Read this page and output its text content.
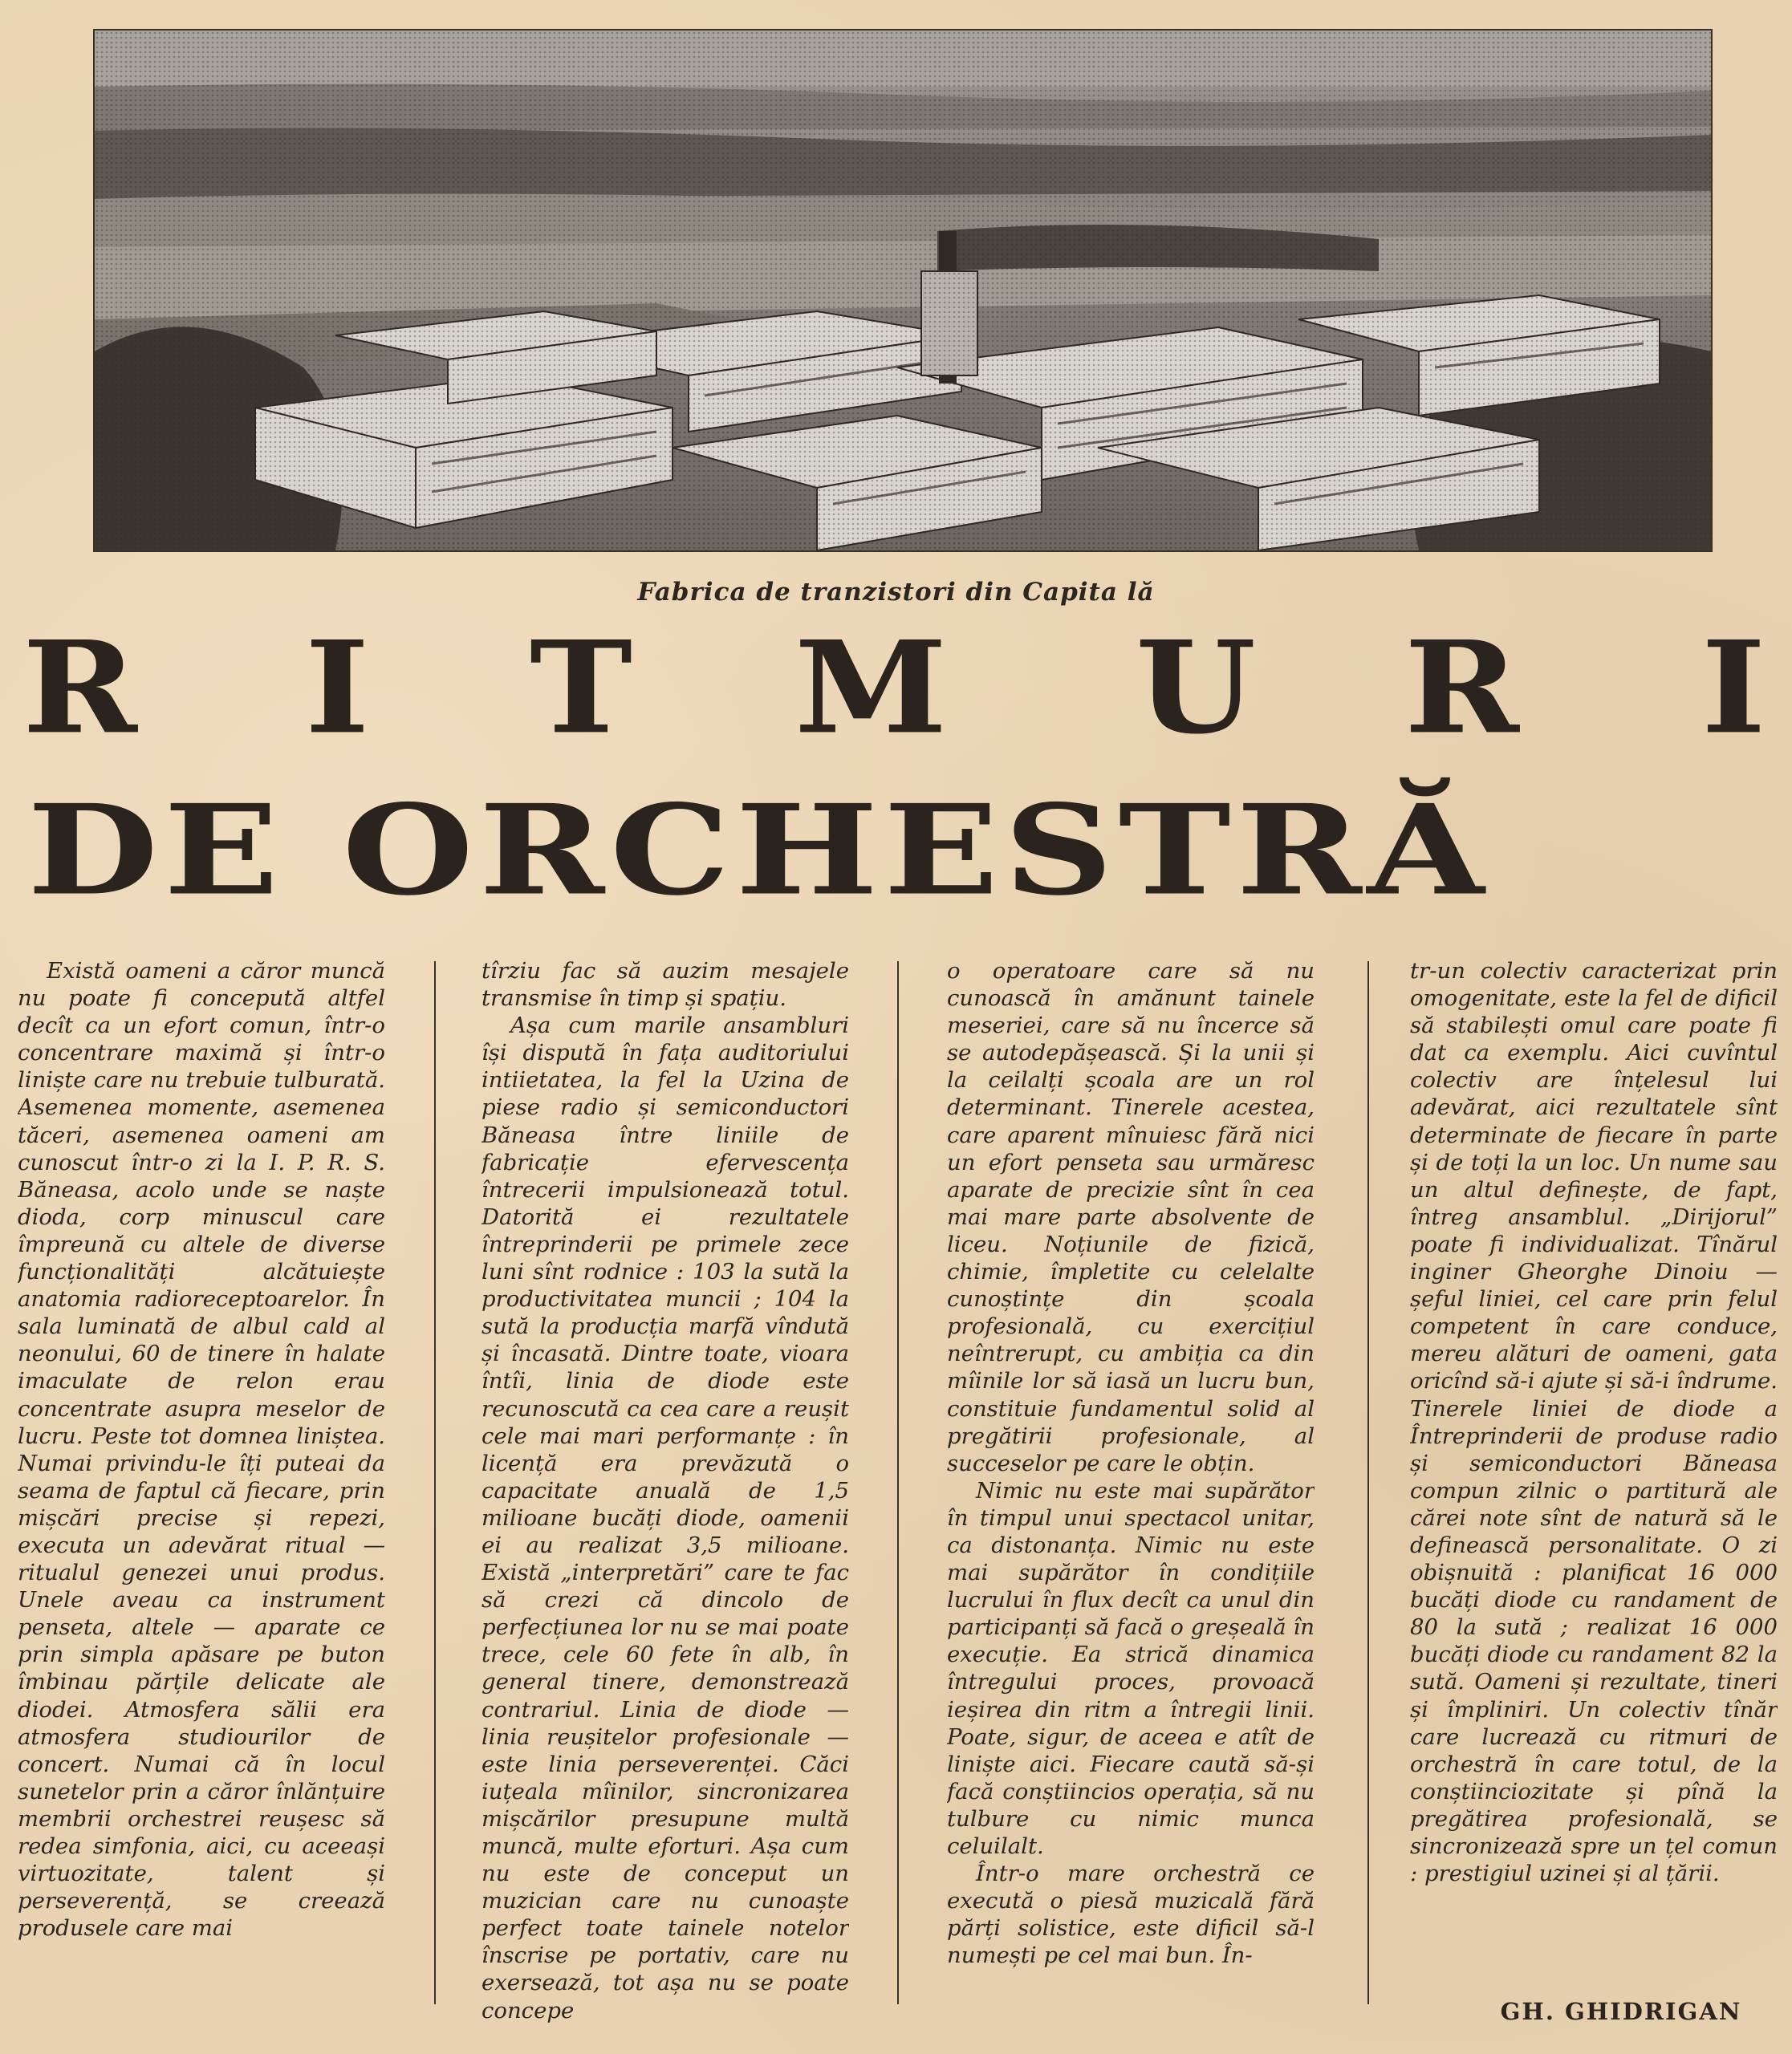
Fabrica de tranzistori din Capita lă
R I T M U R I
DE ORCHESTRĂ

Există oameni a căror muncă nu poate fi concepută altfel decît ca un efort comun, într-o concentrare maximă și într-o liniște care nu trebuie tulburată. Asemenea momente, asemenea tăceri, asemenea oameni am cunoscut într-o zi la I. P. R. S. Băneasa, acolo unde se naște dioda, corp minuscul care împreună cu altele de diverse funcționalități alcătuiește anatomia radioreceptoarelor. În sala luminată de albul cald al neonului, 60 de tinere în halate imaculate de relon erau concentrate asupra meselor de lucru. Peste tot domnea liniștea. Numai privindu-le îți puteai da seama de faptul că fiecare, prin mișcări precise și repezi, executa un adevărat ritual — ritualul genezei unui produs. Unele aveau ca instrument penseta, altele — aparate ce prin simpla apăsare pe buton îmbinau părțile delicate ale diodei. Atmosfera sălii era atmosfera studiourilor de concert. Numai că în locul sunetelor prin a căror înlănțuire membrii orchestrei reușesc să redea simfonia, aici, cu aceeași virtuozitate, talent și perseverență, se creează produsele care mai

tîrziu fac să auzim mesajele transmise în timp și spațiu.

Așa cum marile ansambluri își dispută în fața auditoriului intiietatea, la fel la Uzina de piese radio și semiconductori Băneasa între liniile de fabricație efervescența întrecerii impulsionează totul. Datorită ei rezultatele întreprinderii pe primele zece luni sînt rodnice : 103 la sută la productivitatea muncii ; 104 la sută la producția marfă vîndută și încasată. Dintre toate, vioara întîi, linia de diode este recunoscută ca cea care a reușit cele mai mari performanțe : în licență era prevăzută o capacitate anuală de 1,5 milioane bucăți diode, oamenii ei au realizat 3,5 milioane. Există „interpretări” care te fac să crezi că dincolo de perfecțiunea lor nu se mai poate trece, cele 60 fete în alb, în general tinere, demonstrează contrariul. Linia de diode — linia reușitelor profesionale — este linia perseverenței. Căci iuțeala mîinilor, sincronizarea mișcărilor presupune multă muncă, multe eforturi. Așa cum nu este de conceput un muzician care nu cunoaște perfect toate tainele notelor înscrise pe portativ, care nu exersează, tot așa nu se poate concepe

o operatoare care să nu cunoască în amănunt tainele meseriei, care să nu încerce să se autodepășească. Și la unii și la ceilalți școala are un rol determinant. Tinerele acestea, care aparent mînuiesc fără nici un efort penseta sau urmăresc aparate de precizie sînt în cea mai mare parte absolvente de liceu. Noțiunile de fizică, chimie, împletite cu celelalte cunoștințe din școala profesională, cu exercițiul neîntrerupt, cu ambiția ca din mîinile lor să iasă un lucru bun, constituie fundamentul solid al pregătirii profesionale, al succeselor pe care le obțin.

Nimic nu este mai supărător în timpul unui spectacol unitar, ca distonanța. Nimic nu este mai supărător în condițiile lucrului în flux decît ca unul din participanți să facă o greșeală în execuție. Ea strică dinamica întregului proces, provoacă ieșirea din ritm a întregii linii. Poate, sigur, de aceea e atît de liniște aici. Fiecare caută să-și facă conștiincios operația, să nu tulbure cu nimic munca celuilalt.

Într-o mare orchestră ce execută o piesă muzicală fără părți solistice, este dificil să-l numești pe cel mai bun. În-

tr-un colectiv caracterizat prin omogenitate, este la fel de dificil să stabilești omul care poate fi dat ca exemplu. Aici cuvîntul colectiv are înțelesul lui adevărat, aici rezultatele sînt determinate de fiecare în parte și de toți la un loc. Un nume sau un altul definește, de fapt, întreg ansamblul. „Dirijorul” poate fi individualizat. Tînărul inginer Gheorghe Dinoiu — șeful liniei, cel care prin felul competent în care conduce, mereu alături de oameni, gata oricînd să-i ajute și să-i îndrume. Tinerele liniei de diode a Întreprinderii de produse radio și semiconductori Băneasa compun zilnic o partitură ale cărei note sînt de natură să le definească personalitate. O zi obișnuită : planificat 16 000 bucăți diode cu randament de 80 la sută ; realizat 16 000 bucăți diode cu randament 82 la sută. Oameni și rezultate, tineri și împliniri. Un colectiv tînăr care lucrează cu ritmuri de orchestră în care totul, de la conștiinciozitate și pînă la pregătirea profesională, se sincronizează spre un țel comun : prestigiul uzinei și al țării.

GH. GHIDRIGAN
